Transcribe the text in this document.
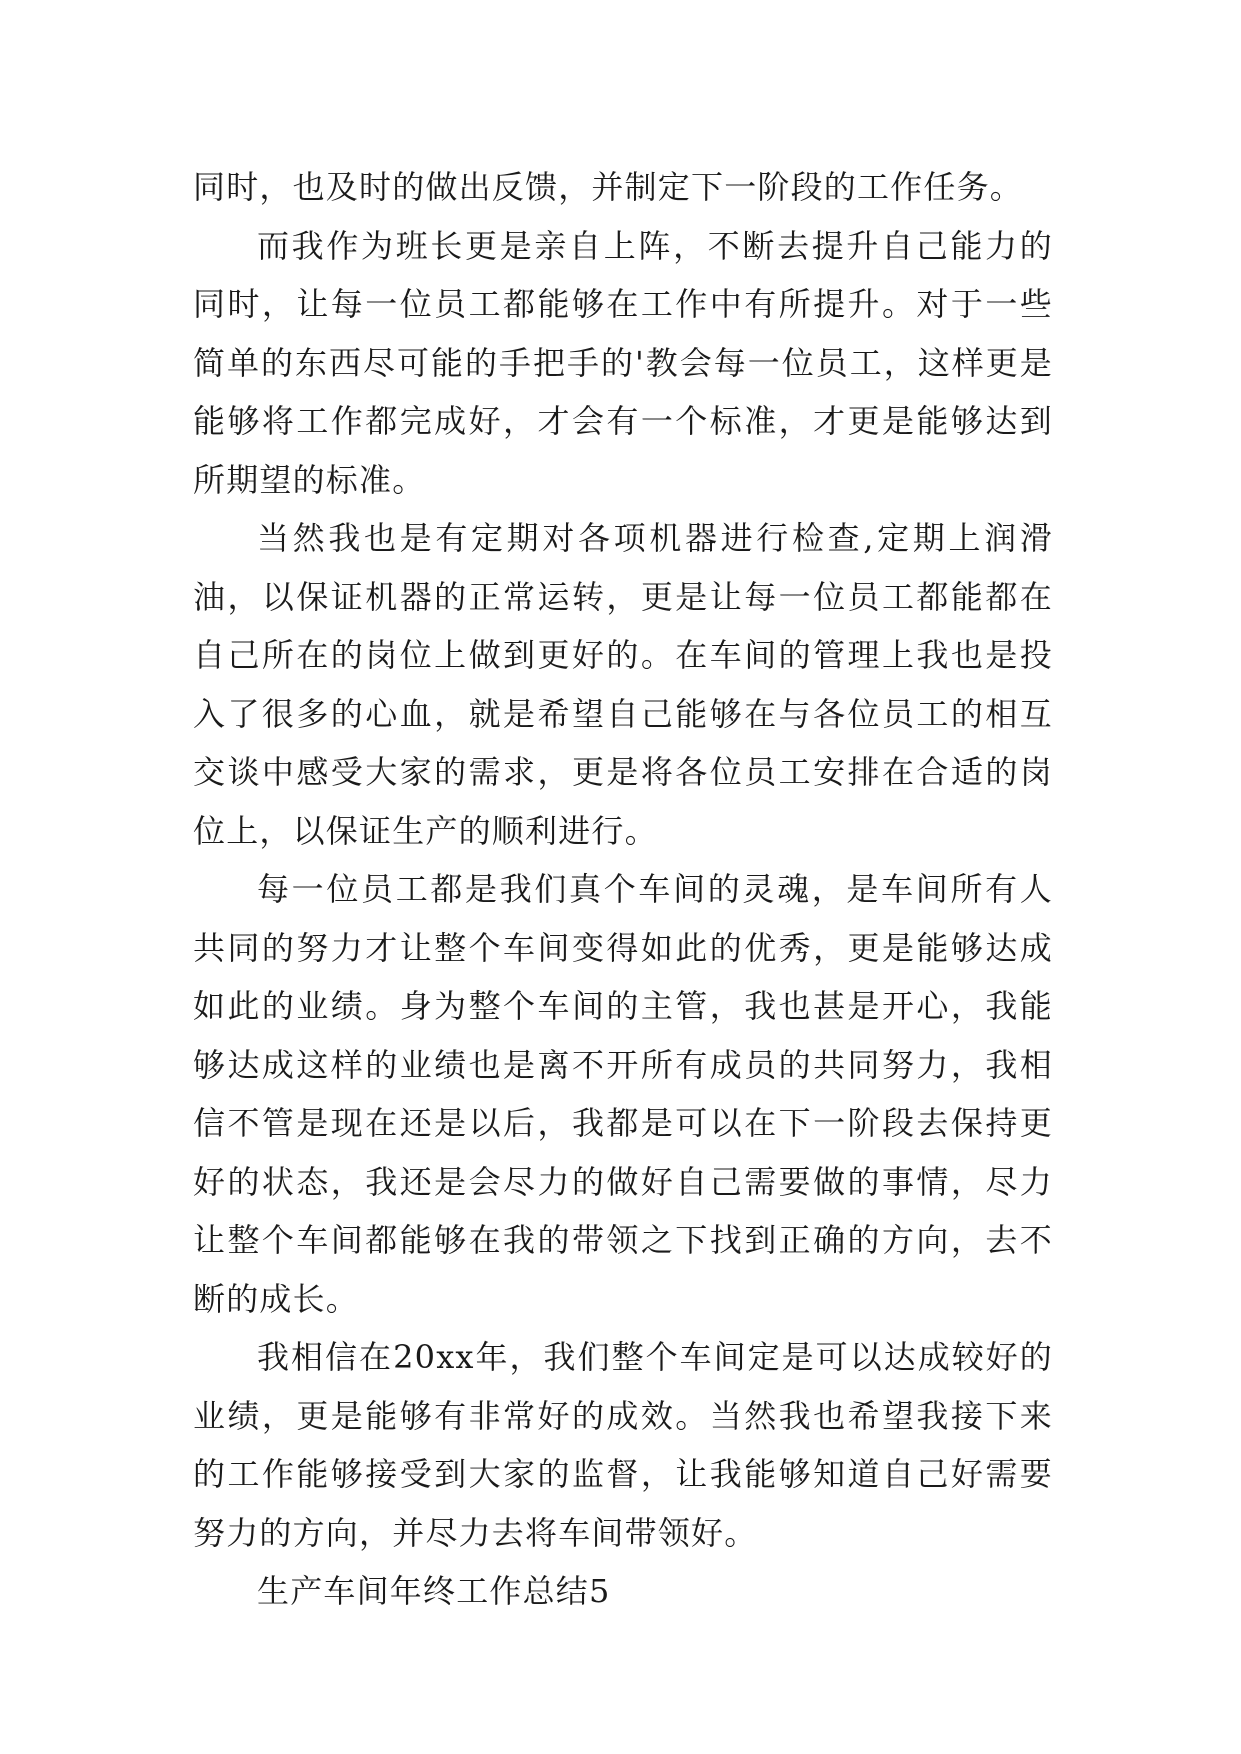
同时，也及时的做出反馈，并制定下一阶段的工作任务。

而我作为班长更是亲自上阵，不断去提升自己能力的同时，让每一位员工都能够在工作中有所提升。对于一些简单的东西尽可能的手把手的'教会每一位员工，这样更是能够将工作都完成好，才会有一个标准，才更是能够达到所期望的标准。

当然我也是有定期对各项机器进行检查,定期上润滑油，以保证机器的正常运转，更是让每一位员工都能都在自己所在的岗位上做到更好的。在车间的管理上我也是投入了很多的心血，就是希望自己能够在与各位员工的相互交谈中感受大家的需求，更是将各位员工安排在合适的岗位上，以保证生产的顺利进行。

每一位员工都是我们真个车间的灵魂，是车间所有人共同的努力才让整个车间变得如此的优秀，更是能够达成如此的业绩。身为整个车间的主管，我也甚是开心，我能够达成这样的业绩也是离不开所有成员的共同努力，我相信不管是现在还是以后，我都是可以在下一阶段去保持更好的状态，我还是会尽力的做好自己需要做的事情，尽力让整个车间都能够在我的带领之下找到正确的方向，去不断的成长。

我相信在20xx年，我们整个车间定是可以达成较好的业绩，更是能够有非常好的成效。当然我也希望我接下来的工作能够接受到大家的监督，让我能够知道自己好需要努力的方向，并尽力去将车间带领好。

生产车间年终工作总结5
